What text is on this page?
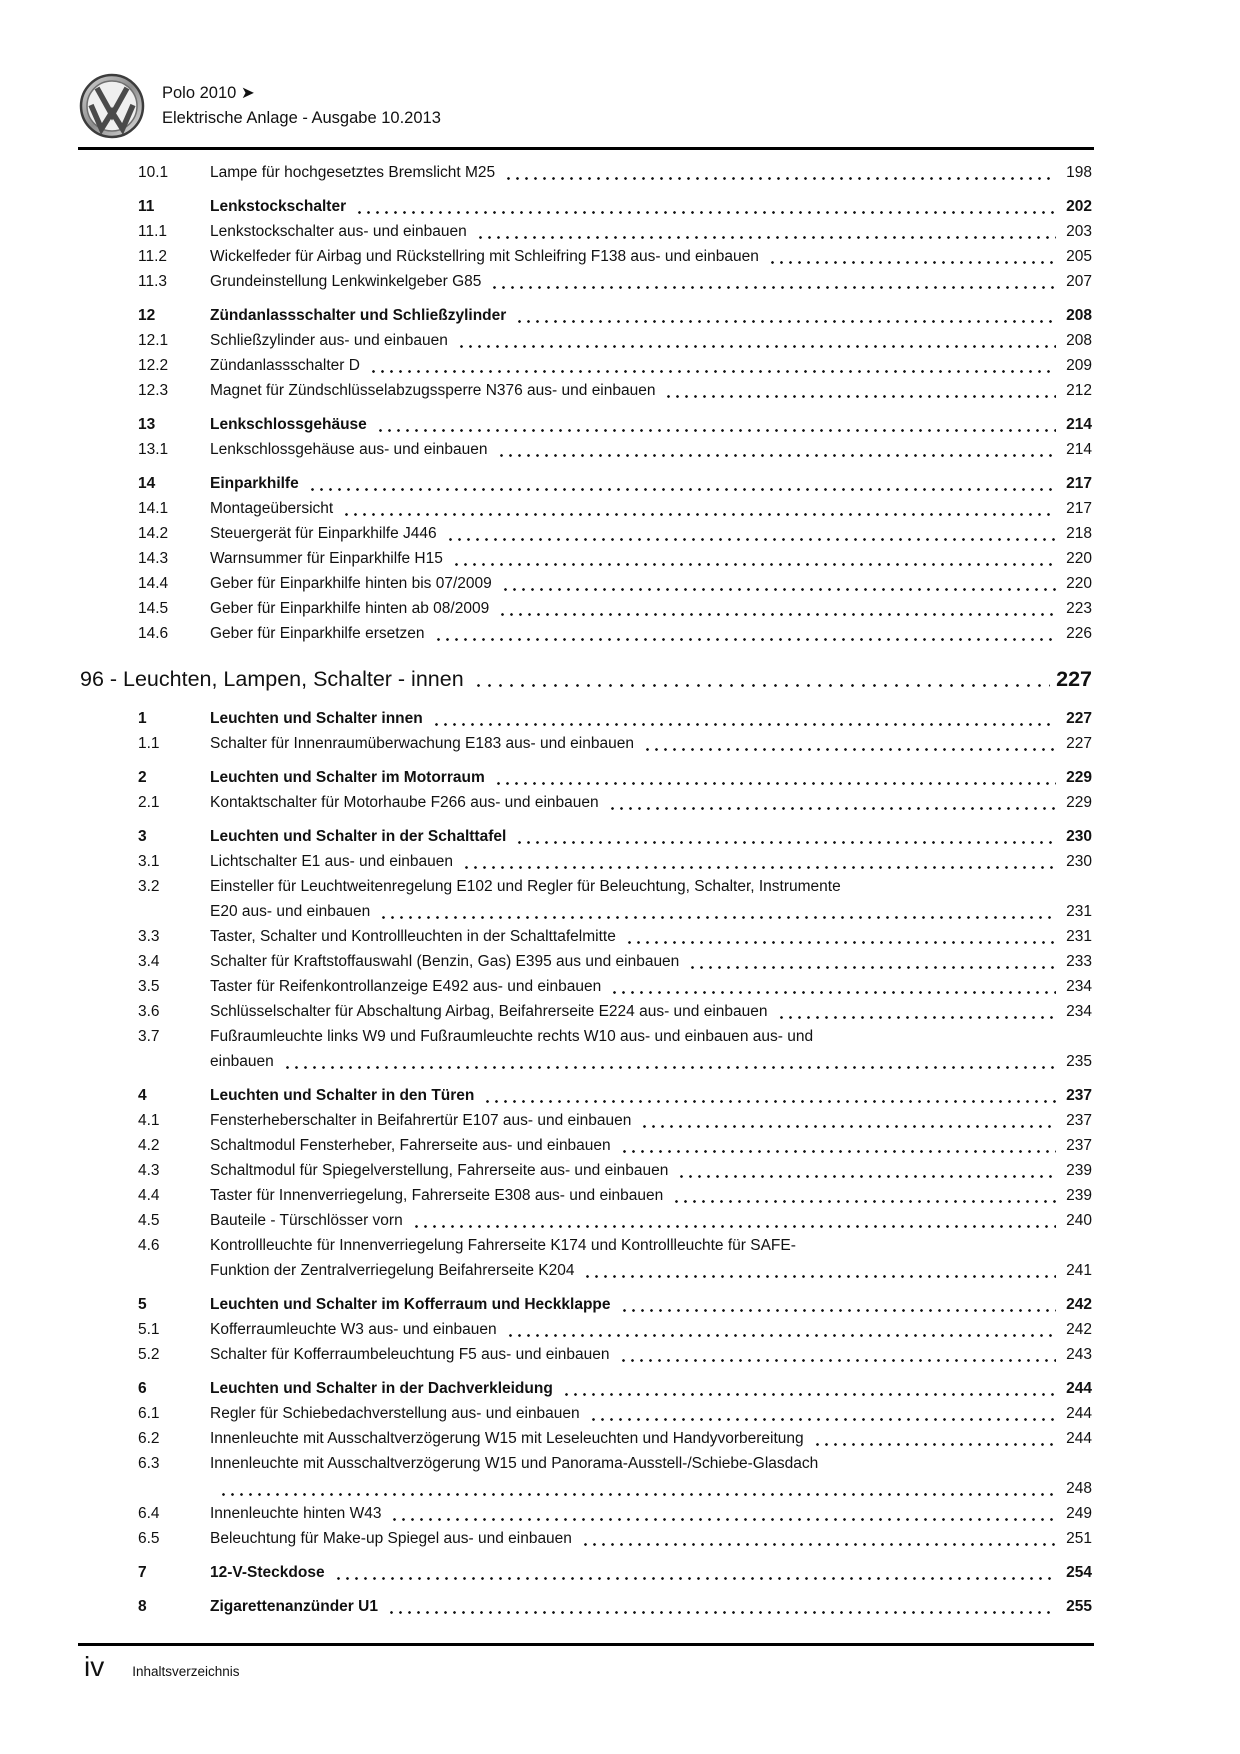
Polo 2010 ➤
Elektrische Anlage - Ausgabe 10.2013
10.1	Lampe für hochgesetztes Bremslicht M25	198
11	Lenkstockschalter	202
11.1	Lenkstockschalter aus- und einbauen	203
11.2	Wickelfeder für Airbag und Rückstellring mit Schleifring F138 aus- und einbauen	205
11.3	Grundeinstellung Lenkwinkelgeber G85	207
12	Zündanlassschalter und Schließzylinder	208
12.1	Schließzylinder aus- und einbauen	208
12.2	Zündanlassschalter D	209
12.3	Magnet für Zündschlüsselabzugssperre N376 aus- und einbauen	212
13	Lenkschlossgehäuse	214
13.1	Lenkschlossgehäuse aus- und einbauen	214
14	Einparkhilfe	217
14.1	Montageübersicht	217
14.2	Steuergerät für Einparkhilfe J446	218
14.3	Warnsummer für Einparkhilfe H15	220
14.4	Geber für Einparkhilfe hinten bis 07/2009	220
14.5	Geber für Einparkhilfe hinten ab 08/2009	223
14.6	Geber für Einparkhilfe ersetzen	226
96 - Leuchten, Lampen, Schalter - innen	227
1	Leuchten und Schalter innen	227
1.1	Schalter für Innenraumüberwachung E183 aus- und einbauen	227
2	Leuchten und Schalter im Motorraum	229
2.1	Kontaktschalter für Motorhaube F266 aus- und einbauen	229
3	Leuchten und Schalter in der Schalttafel	230
3.1	Lichtschalter E1 aus- und einbauen	230
3.2	Einsteller für Leuchtweitenregelung E102 und Regler für Beleuchtung, Schalter, Instrumente
E20 aus- und einbauen	231
3.3	Taster, Schalter und Kontrollleuchten in der Schalttafelmitte	231
3.4	Schalter für Kraftstoffauswahl (Benzin, Gas) E395 aus und einbauen	233
3.5	Taster für Reifenkontrollanzeige E492 aus- und einbauen	234
3.6	Schlüsselschalter für Abschaltung Airbag, Beifahrerseite E224 aus- und einbauen	234
3.7	Fußraumleuchte links W9 und Fußraumleuchte rechts W10 aus- und einbauen aus- und
einbauen	235
4	Leuchten und Schalter in den Türen	237
4.1	Fensterheberschalter in Beifahrertür E107 aus- und einbauen	237
4.2	Schaltmodul Fensterheber, Fahrerseite aus- und einbauen	237
4.3	Schaltmodul für Spiegelverstellung, Fahrerseite aus- und einbauen	239
4.4	Taster für Innenverriegelung, Fahrerseite E308 aus- und einbauen	239
4.5	Bauteile - Türschlösser vorn	240
4.6	Kontrollleuchte für Innenverriegelung Fahrerseite K174 und Kontrollleuchte für SAFE-
Funktion der Zentralverriegelung Beifahrerseite K204	241
5	Leuchten und Schalter im Kofferraum und Heckklappe	242
5.1	Kofferraumleuchte W3 aus- und einbauen	242
5.2	Schalter für Kofferraumbeleuchtung F5 aus- und einbauen	243
6	Leuchten und Schalter in der Dachverkleidung	244
6.1	Regler für Schiebedachverstellung aus- und einbauen	244
6.2	Innenleuchte mit Ausschaltverzögerung W15 mit Leseleuchten und Handyvorbereitung	244
6.3	Innenleuchte mit Ausschaltverzögerung W15 und Panorama-Ausstell-/Schiebe-Glasdach
248
6.4	Innenleuchte hinten W43	249
6.5	Beleuchtung für Make-up Spiegel aus- und einbauen	251
7	12-V-Steckdose	254
8	Zigarettenanzünder U1	255
iv Inhaltsverzeichnis
